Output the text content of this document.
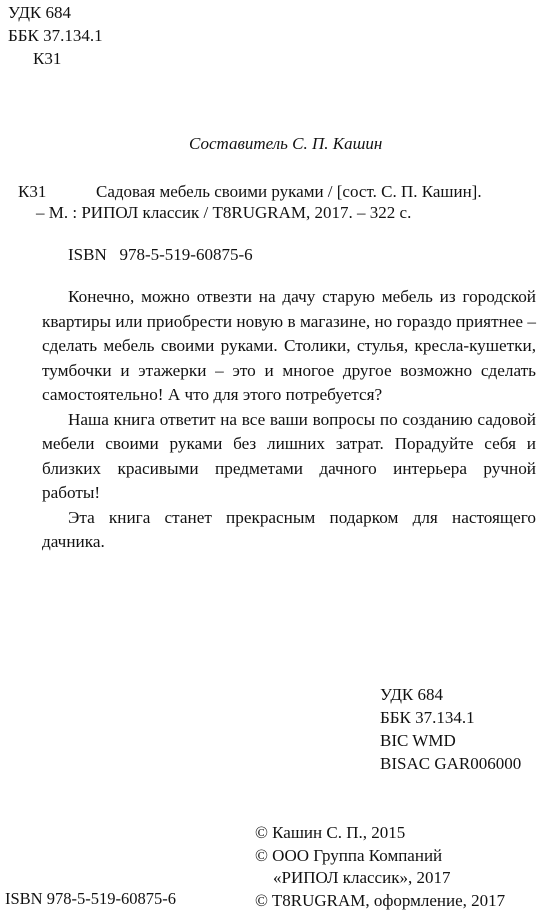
УДК 684
ББК 37.134.1
К31
Составитель С. П. Кашин
К31	Садовая мебель своими руками / [сост. С. П. Кашин].
– М. : РИПОЛ классик / T8RUGRAM, 2017. – 322 с.
ISBN   978-5-519-60875-6

Конечно, можно отвезти на дачу старую мебель из городской квартиры или приобрести новую в магазине, но гораздо приятнее – сделать мебель своими руками. Столики, стулья, кресла-кушетки, тумбочки и этажерки – это и многое другое возможно сделать самостоятельно! А что для этого потребуется?

Наша книга ответит на все ваши вопросы по созданию садовой мебели своими руками без лишних затрат. Порадуйте себя и близких красивыми предметами дачного интерьера ручной работы!

Эта книга станет прекрасным подарком для настоящего дачника.

УДК 684
ББК 37.134.1
BIC WMD
BISAC GAR006000
© Кашин С. П., 2015
© ООО Группа Компаний
«РИПОЛ классик», 2017
© T8RUGRAM, оформление, 2017
ISBN 978-5-519-60875-6
